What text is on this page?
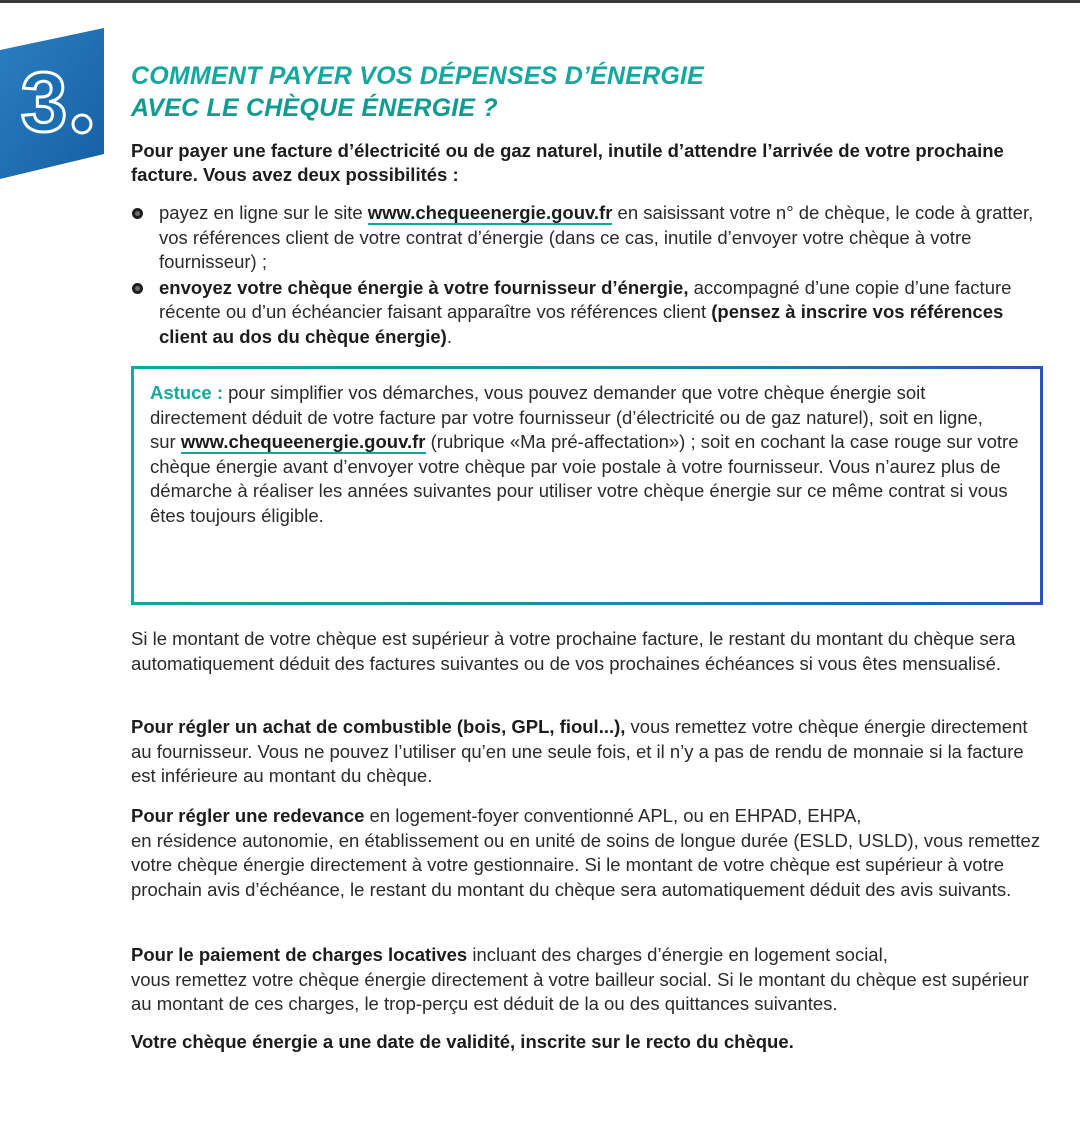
3	COMMENT PAYER VOS DÉPENSES D’ÉNERGIE
AVEC LE CHÈQUE ÉNERGIE ?

Pour payer une facture d’électricité ou de gaz naturel, inutile d’attendre l’arrivée de votre prochaine facture. Vous avez deux possibilités :

payez en ligne sur le site www.chequeenergie.gouv.fr en saisissant votre n° de chèque, le code à gratter, vos références client de votre contrat d’énergie (dans ce cas, inutile d’envoyer votre chèque à votre fournisseur) ;
envoyez votre chèque énergie à votre fournisseur d’énergie, accompagné d’une copie d’une facture récente ou d’un échéancier faisant apparaître vos références client (pensez à inscrire vos références client au dos du chèque énergie).
Astuce : pour simplifier vos démarches, vous pouvez demander que votre chèque énergie soit directement déduit de votre facture par votre fournisseur (d’électricité ou de gaz naturel), soit en ligne,
sur www.chequeenergie.gouv.fr (rubrique «Ma pré-affectation») ; soit en cochant la case rouge sur votre chèque énergie avant d’envoyer votre chèque par voie postale à votre fournisseur. Vous n’aurez plus de démarche à réaliser les années suivantes pour utiliser votre chèque énergie sur ce même contrat si vous êtes toujours éligible.

Si le montant de votre chèque est supérieur à votre prochaine facture, le restant du montant du chèque sera automatiquement déduit des factures suivantes ou de vos prochaines échéances si vous êtes mensualisé.

Pour régler un achat de combustible (bois, GPL, fioul...), vous remettez votre chèque énergie directement au fournisseur. Vous ne pouvez l’utiliser qu’en une seule fois, et il n’y a pas de rendu de monnaie si la facture est inférieure au montant du chèque.

Pour régler une redevance en logement-foyer conventionné APL, ou en EHPAD, EHPA,
en résidence autonomie, en établissement ou en unité de soins de longue durée (ESLD, USLD), vous remettez votre chèque énergie directement à votre gestionnaire. Si le montant de votre chèque est supérieur à votre prochain avis d’échéance, le restant du montant du chèque sera automatiquement déduit des avis suivants.

Pour le paiement de charges locatives incluant des charges d’énergie en logement social,
vous remettez votre chèque énergie directement à votre bailleur social. Si le montant du chèque est supérieur au montant de ces charges, le trop-perçu est déduit de la ou des quittances suivantes.

Votre chèque énergie a une date de validité, inscrite sur le recto du chèque.
